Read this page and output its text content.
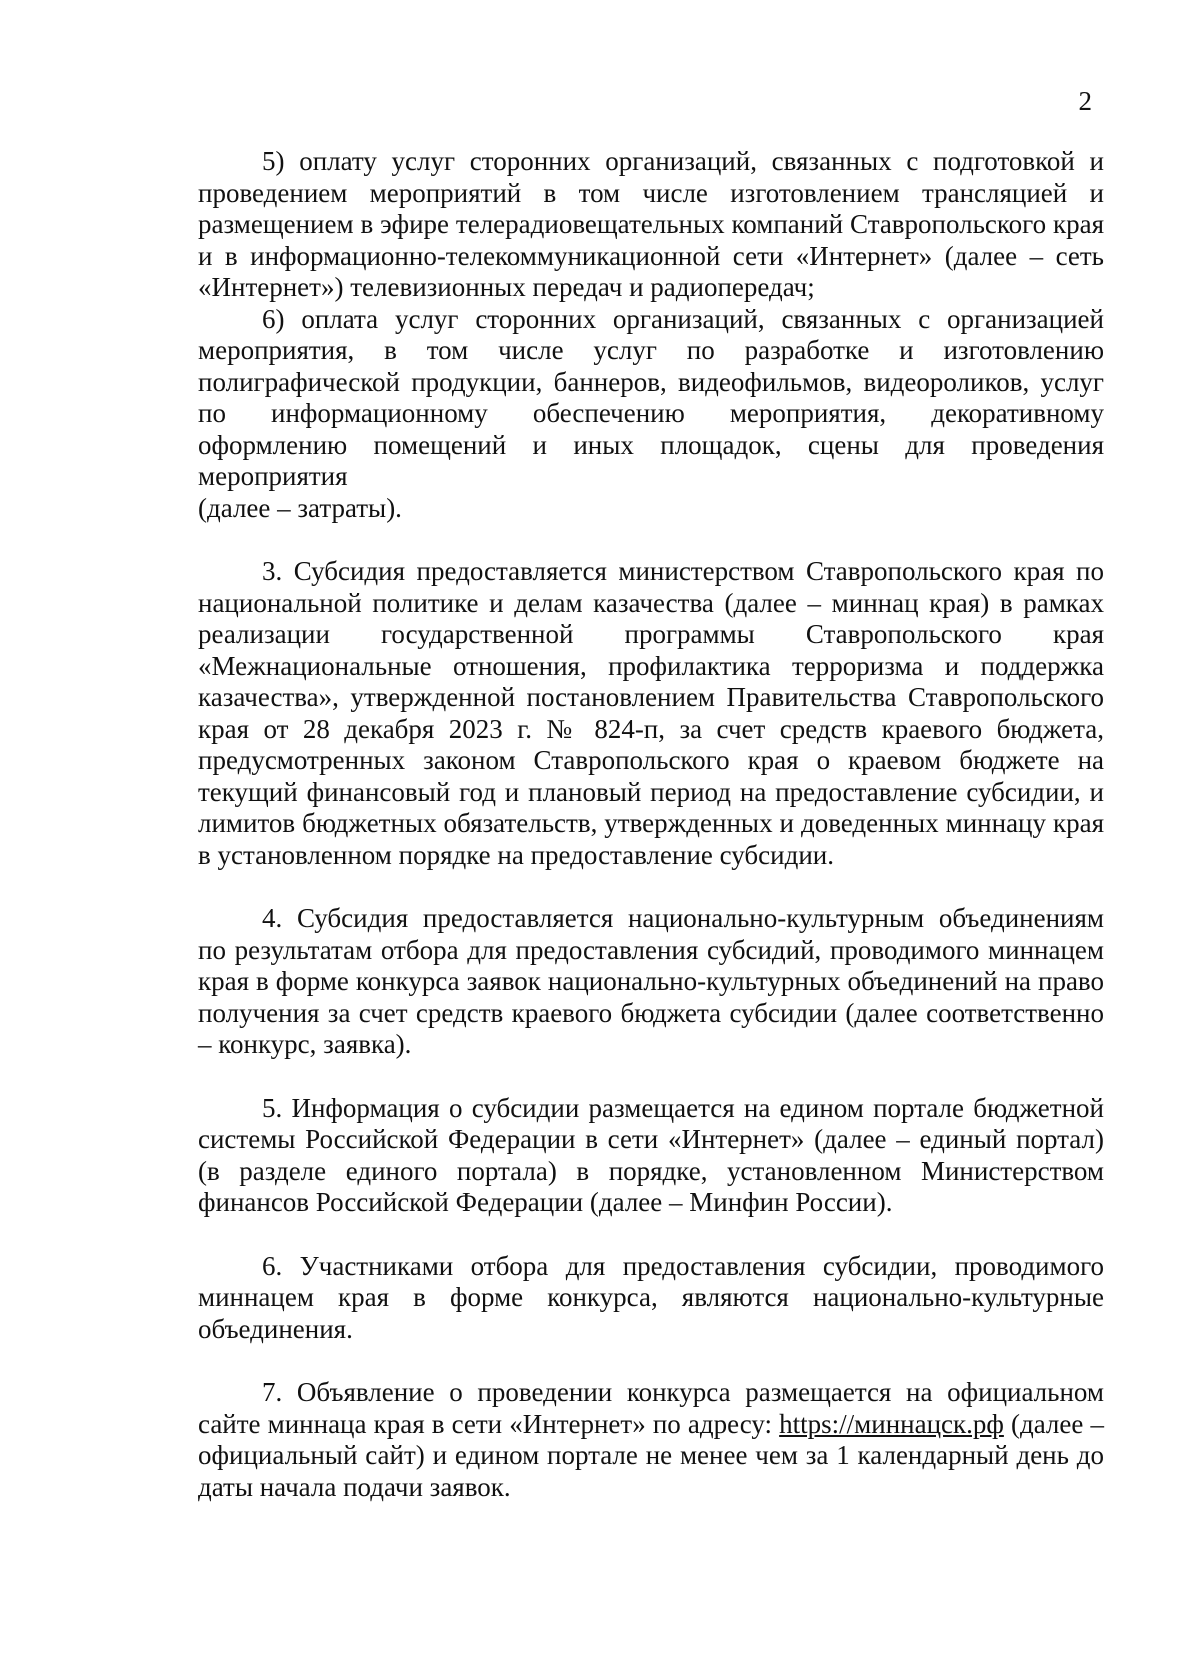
2

5) оплату услуг сторонних организаций, связанных с подготовкой и проведением мероприятий в том числе изготовлением трансляцией и размещением в эфире телерадиовещательных компаний Ставропольского края и в информационно-телекоммуникационной сети «Интернет» (далее – сеть «Интернет») телевизионных передач и радиопередач;

6) оплата услуг сторонних организаций, связанных с организацией мероприятия, в том числе услуг по разработке и изготовлению полиграфической продукции, баннеров, видеофильмов, видеороликов, услуг по информационному обеспечению мероприятия, декоративному оформлению помещений и иных площадок, сцены для проведения мероприятия

(далее – затраты).

3. Субсидия предоставляется министерством Ставропольского края по национальной политике и делам казачества (далее – миннац края) в рамках реализации государственной программы Ставропольского края «Межнациональные отношения, профилактика терроризма и поддержка казачества», утвержденной постановлением Правительства Ставропольского края от 28 декабря 2023 г. № 824-п, за счет средств краевого бюджета, предусмотренных законом Ставропольского края о краевом бюджете на текущий финансовый год и плановый период на предоставление субсидии, и лимитов бюджетных обязательств, утвержденных и доведенных миннацу края в установленном порядке на предоставление субсидии.

4. Субсидия предоставляется национально-культурным объединениям по результатам отбора для предоставления субсидий, проводимого миннацем края в форме конкурса заявок национально-культурных объединений на право получения за счет средств краевого бюджета субсидии (далее соответственно – конкурс, заявка).

5. Информация о субсидии размещается на едином портале бюджетной системы Российской Федерации в сети «Интернет» (далее – единый портал) (в разделе единого портала) в порядке, установленном Министерством финансов Российской Федерации (далее – Минфин России).

6. Участниками отбора для предоставления субсидии, проводимого миннацем края в форме конкурса, являются национально-культурные объединения.

7. Объявление о проведении конкурса размещается на официальном сайте миннаца края в сети «Интернет» по адресу: https://миннацск.рф (далее – официальный сайт) и едином портале не менее чем за 1 календарный день до даты начала подачи заявок.
